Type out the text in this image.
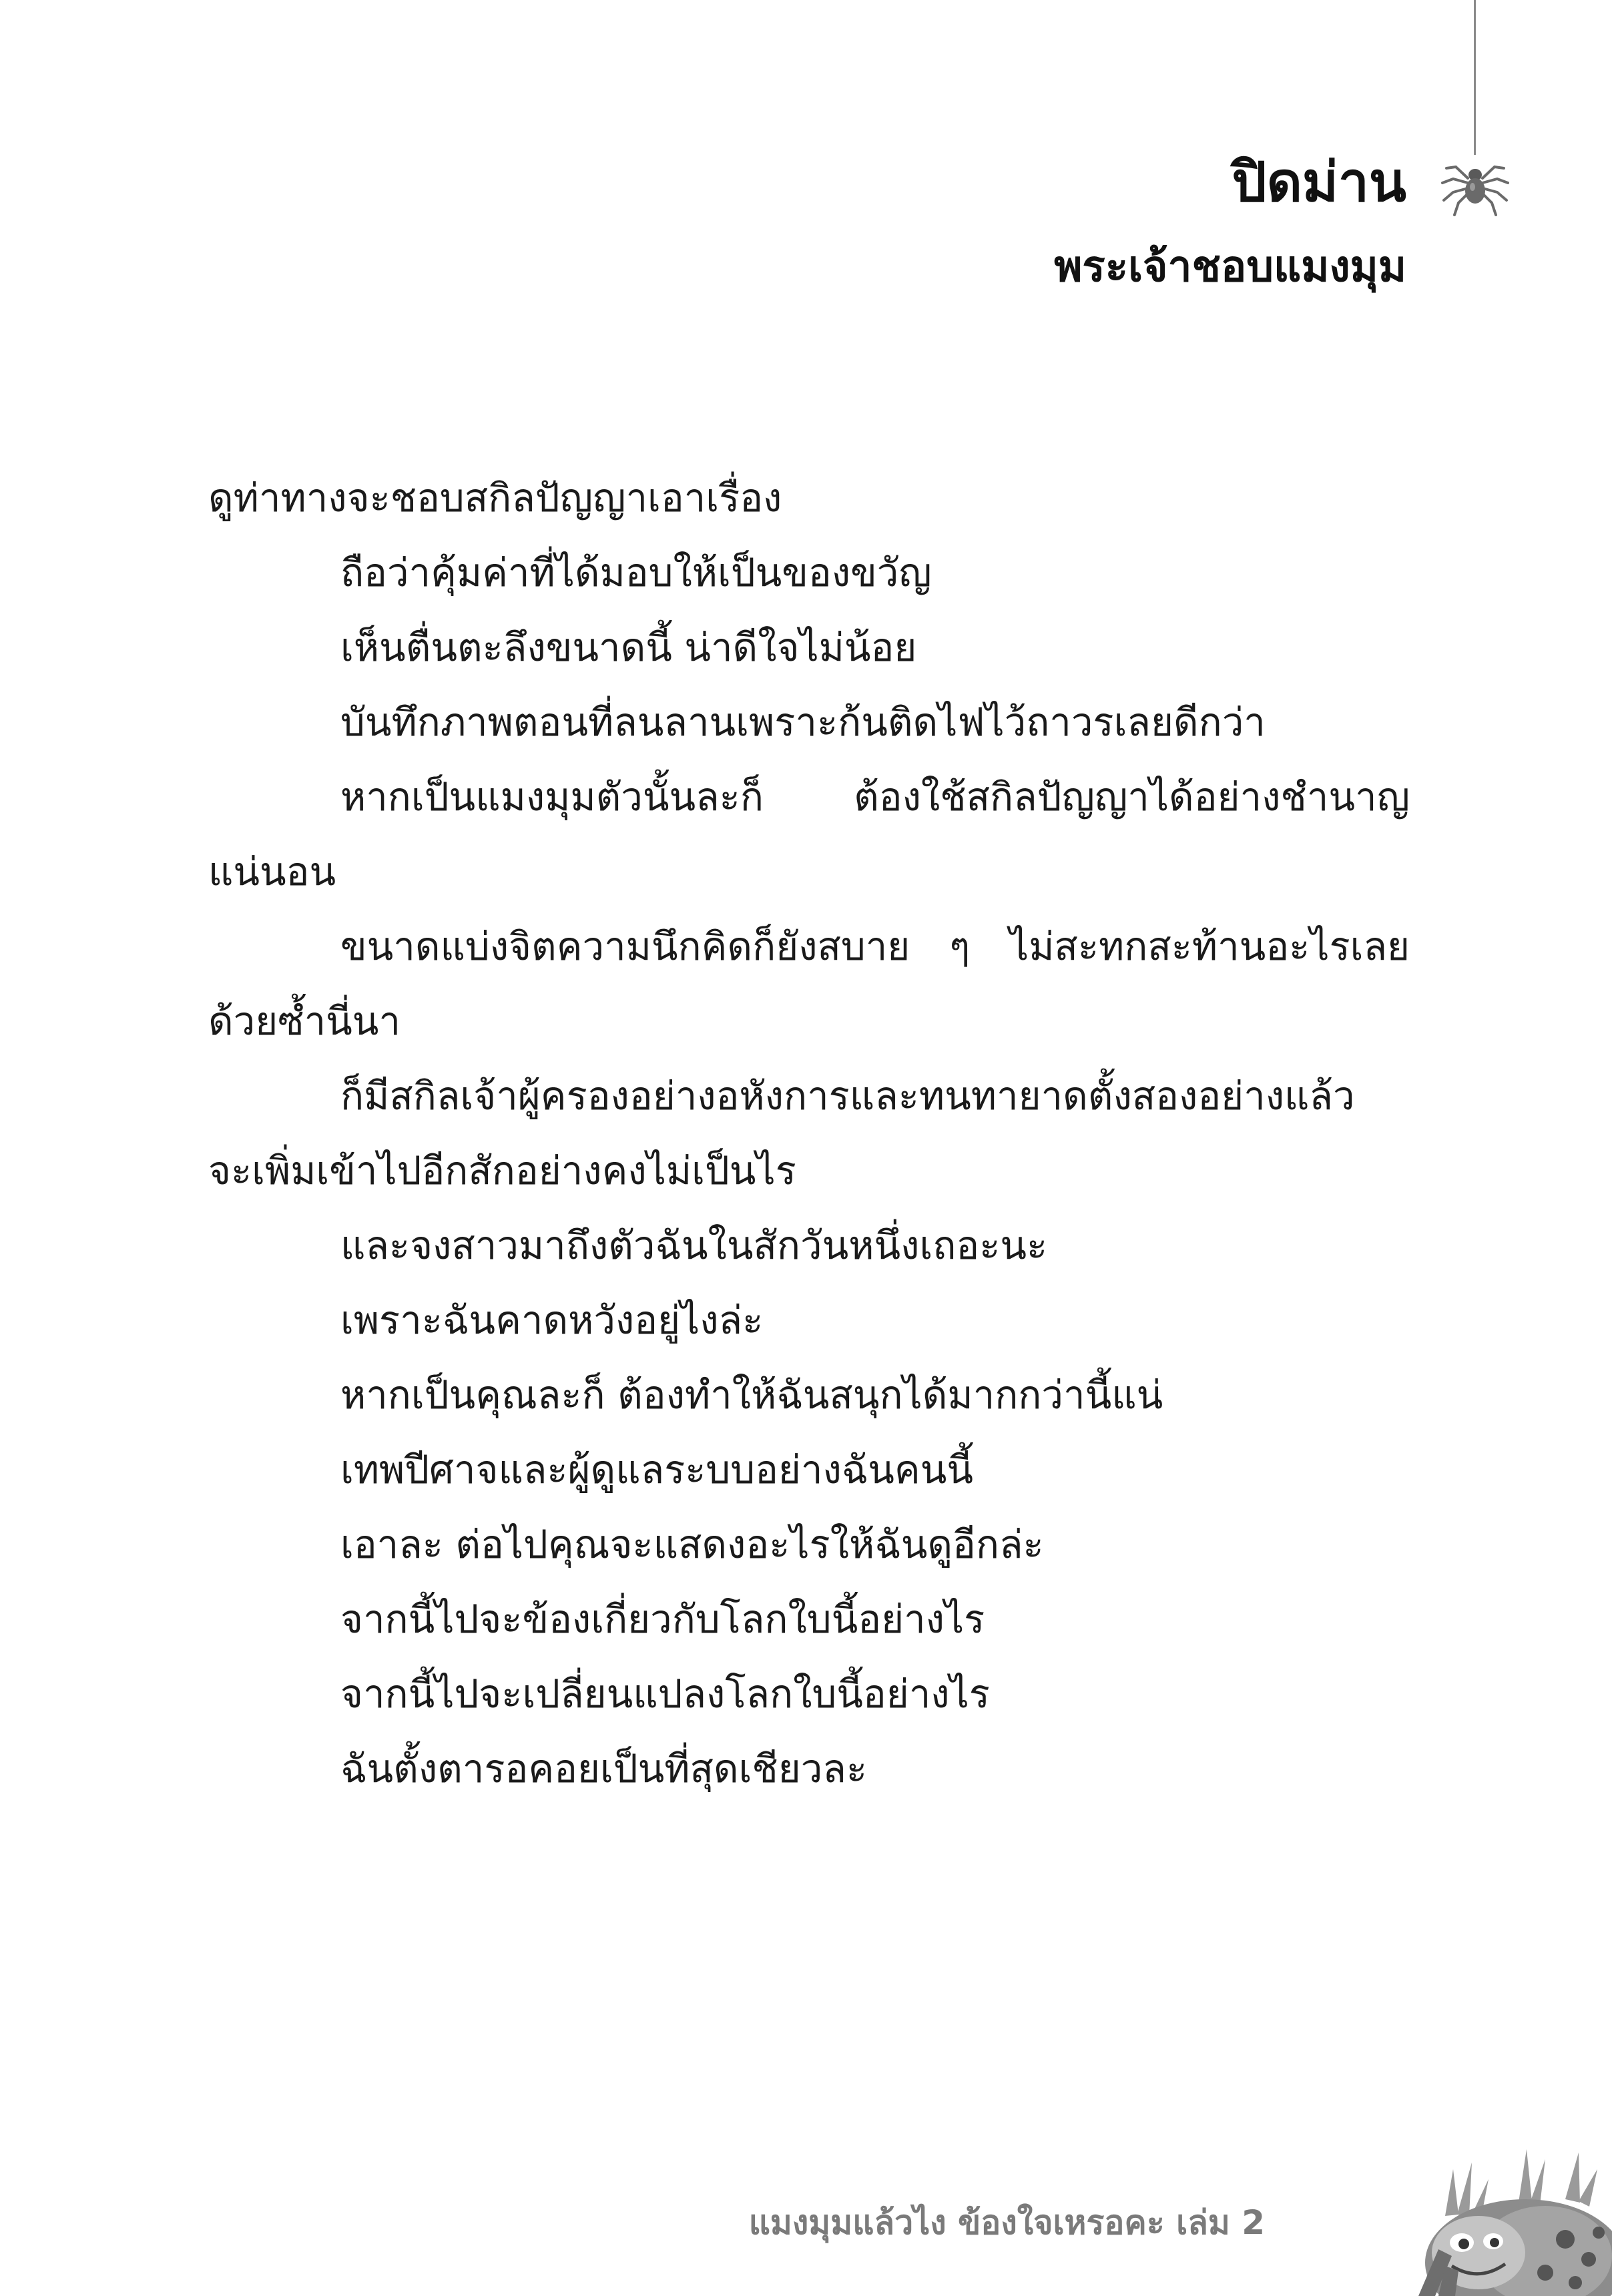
ปิดม่าน
พระเจ้าชอบแมงมุม

ดูท่าทางจะชอบสกิลปัญญาเอาเรื่อง

ถือว่าคุ้มค่าที่ได้มอบให้เป็นของขวัญ

เห็นตื่นตะลึงขนาดนี้ น่าดีใจไม่น้อย

บันทึกภาพตอนที่ลนลานเพราะก้นติดไฟไว้ถาวรเลยดีกว่า

หากเป็นแมงมุมตัวนั้นละก็ ต้องใช้สกิลปัญญาได้อย่างชำนาญแน่นอน

ขนาดแบ่งจิตความนึกคิดก็ยังสบาย ๆ ไม่สะทกสะท้านอะไรเลยด้วยซ้ำนี่นา

ก็มีสกิลเจ้าผู้ครองอย่างอหังการและทนทายาดตั้งสองอย่างแล้ว จะเพิ่มเข้าไปอีกสักอย่างคงไม่เป็นไร

และจงสาวมาถึงตัวฉันในสักวันหนึ่งเถอะนะ

เพราะฉันคาดหวังอยู่ไงล่ะ

หากเป็นคุณละก็ ต้องทำให้ฉันสนุกได้มากกว่านี้แน่

เทพปีศาจและผู้ดูแลระบบอย่างฉันคนนี้

เอาละ ต่อไปคุณจะแสดงอะไรให้ฉันดูอีกล่ะ

จากนี้ไปจะข้องเกี่ยวกับโลกใบนี้อย่างไร

จากนี้ไปจะเปลี่ยนแปลงโลกใบนี้อย่างไร

ฉันตั้งตารอคอยเป็นที่สุดเชียวละ

แมงมุมแล้วไง ข้องใจเหรอคะ เล่ม 2
